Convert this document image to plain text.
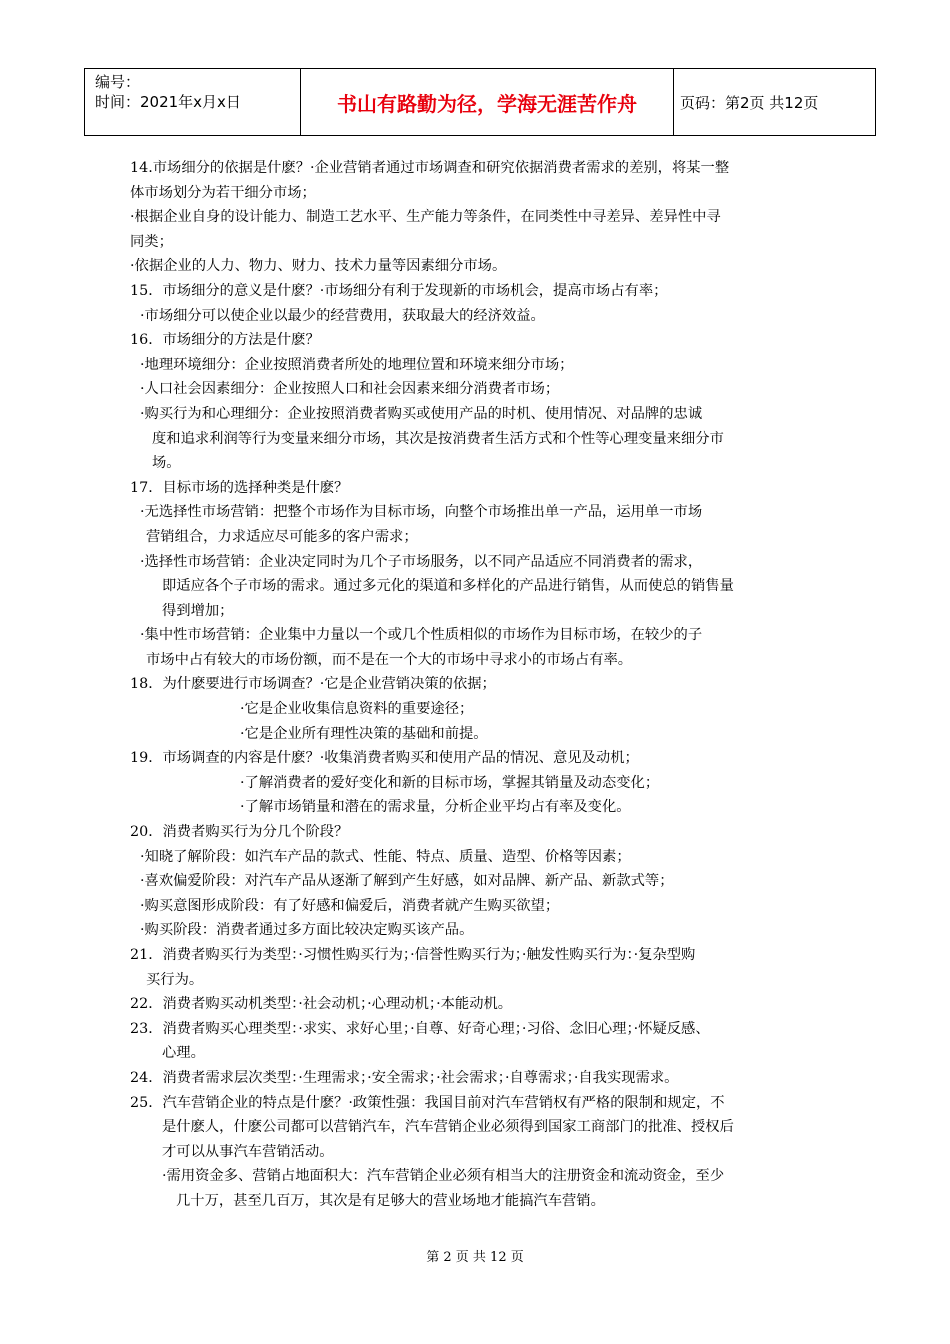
编号：
时间：2021年x月x日	书山有路勤为径，学海无涯苦作舟	页码：第2页 共12页

14.市场细分的依据是什麽？·企业营销者通过市场调查和研究依据消费者需求的差别，将某一整

体市场划分为若干细分市场；

·根据企业自身的设计能力、制造工艺水平、生产能力等条件，在同类性中寻差异、差异性中寻

同类；

·依据企业的人力、物力、财力、技术力量等因素细分市场。

15．市场细分的意义是什麽？·市场细分有利于发现新的市场机会，提高市场占有率；

·市场细分可以使企业以最少的经营费用，获取最大的经济效益。

16．市场细分的方法是什麽？

·地理环境细分：企业按照消费者所处的地理位置和环境来细分市场；

·人口社会因素细分：企业按照人口和社会因素来细分消费者市场；

·购买行为和心理细分：企业按照消费者购买或使用产品的时机、使用情况、对品牌的忠诚

度和追求利润等行为变量来细分市场，其次是按消费者生活方式和个性等心理变量来细分市

场。

17．目标市场的选择种类是什麽？

·无选择性市场营销：把整个市场作为目标市场，向整个市场推出单一产品，运用单一市场

营销组合，力求适应尽可能多的客户需求；

·选择性市场营销：企业决定同时为几个子市场服务，以不同产品适应不同消费者的需求，

即适应各个子市场的需求。通过多元化的渠道和多样化的产品进行销售，从而使总的销售量

得到增加；

·集中性市场营销：企业集中力量以一个或几个性质相似的市场作为目标市场，在较少的子

市场中占有较大的市场份额，而不是在一个大的市场中寻求小的市场占有率。

18．为什麽要进行市场调查？·它是企业营销决策的依据；

·它是企业收集信息资料的重要途径；

·它是企业所有理性决策的基础和前提。

19．市场调查的内容是什麽？·收集消费者购买和使用产品的情况、意见及动机；

·了解消费者的爱好变化和新的目标市场，掌握其销量及动态变化；

·了解市场销量和潜在的需求量，分析企业平均占有率及变化。

20．消费者购买行为分几个阶段？

·知晓了解阶段：如汽车产品的款式、性能、特点、质量、造型、价格等因素；

·喜欢偏爱阶段：对汽车产品从逐渐了解到产生好感，如对品牌、新产品、新款式等；

·购买意图形成阶段：有了好感和偏爱后，消费者就产生购买欲望；

·购买阶段：消费者通过多方面比较决定购买该产品。

21．消费者购买行为类型：·习惯性购买行为；·信誉性购买行为；·触发性购买行为：·复杂型购

买行为。

22．消费者购买动机类型：·社会动机；·心理动机；·本能动机。

23．消费者购买心理类型：·求实、求好心里；·自尊、好奇心理；·习俗、念旧心理；·怀疑反感、

心理。

24．消费者需求层次类型：·生理需求；·安全需求；·社会需求；·自尊需求；·自我实现需求。

25．汽车营销企业的特点是什麽？·政策性强：我国目前对汽车营销权有严格的限制和规定，不

是什麽人，什麽公司都可以营销汽车，汽车营销企业必须得到国家工商部门的批准、授权后

才可以从事汽车营销活动。

·需用资金多、营销占地面积大：汽车营销企业必须有相当大的注册资金和流动资金，至少

几十万，甚至几百万，其次是有足够大的营业场地才能搞汽车营销。

第 2 页 共 12 页
